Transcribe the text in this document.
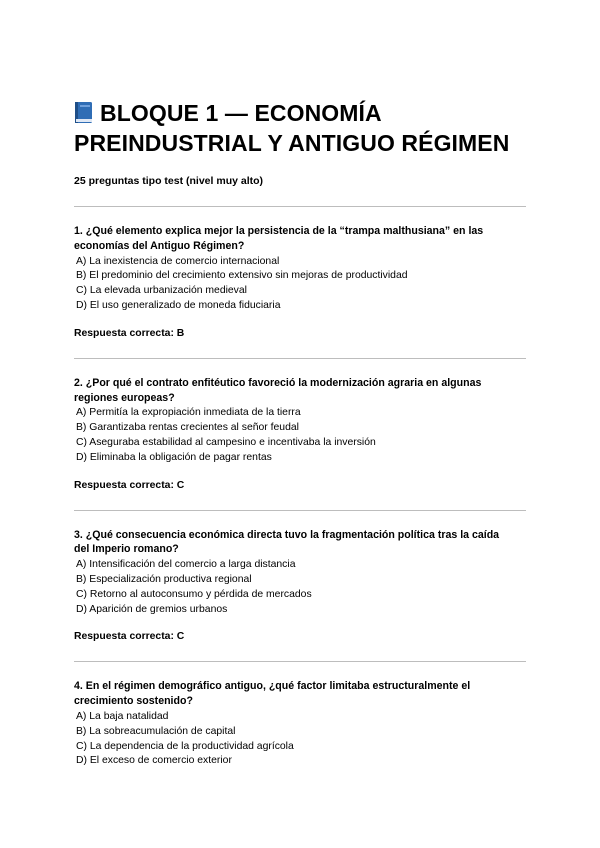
BLOQUE 1 — ECONOMÍA
PREINDUSTRIAL Y ANTIGUO RÉGIMEN
25 preguntas tipo test (nivel muy alto)
1. ¿Qué elemento explica mejor la persistencia de la “trampa malthusiana” en las
economías del Antiguo Régimen?
A) La inexistencia de comercio internacional
B) El predominio del crecimiento extensivo sin mejoras de productividad
C) La elevada urbanización medieval
D) El uso generalizado de moneda fiduciaria
Respuesta correcta: B
2. ¿Por qué el contrato enfitéutico favoreció la modernización agraria en algunas
regiones europeas?
A) Permitía la expropiación inmediata de la tierra
B) Garantizaba rentas crecientes al señor feudal
C) Aseguraba estabilidad al campesino e incentivaba la inversión
D) Eliminaba la obligación de pagar rentas
Respuesta correcta: C
3. ¿Qué consecuencia económica directa tuvo la fragmentación política tras la caída
del Imperio romano?
A) Intensificación del comercio a larga distancia
B) Especialización productiva regional
C) Retorno al autoconsumo y pérdida de mercados
D) Aparición de gremios urbanos
Respuesta correcta: C
4. En el régimen demográfico antiguo, ¿qué factor limitaba estructuralmente el
crecimiento sostenido?
A) La baja natalidad
B) La sobreacumulación de capital
C) La dependencia de la productividad agrícola
D) El exceso de comercio exterior
